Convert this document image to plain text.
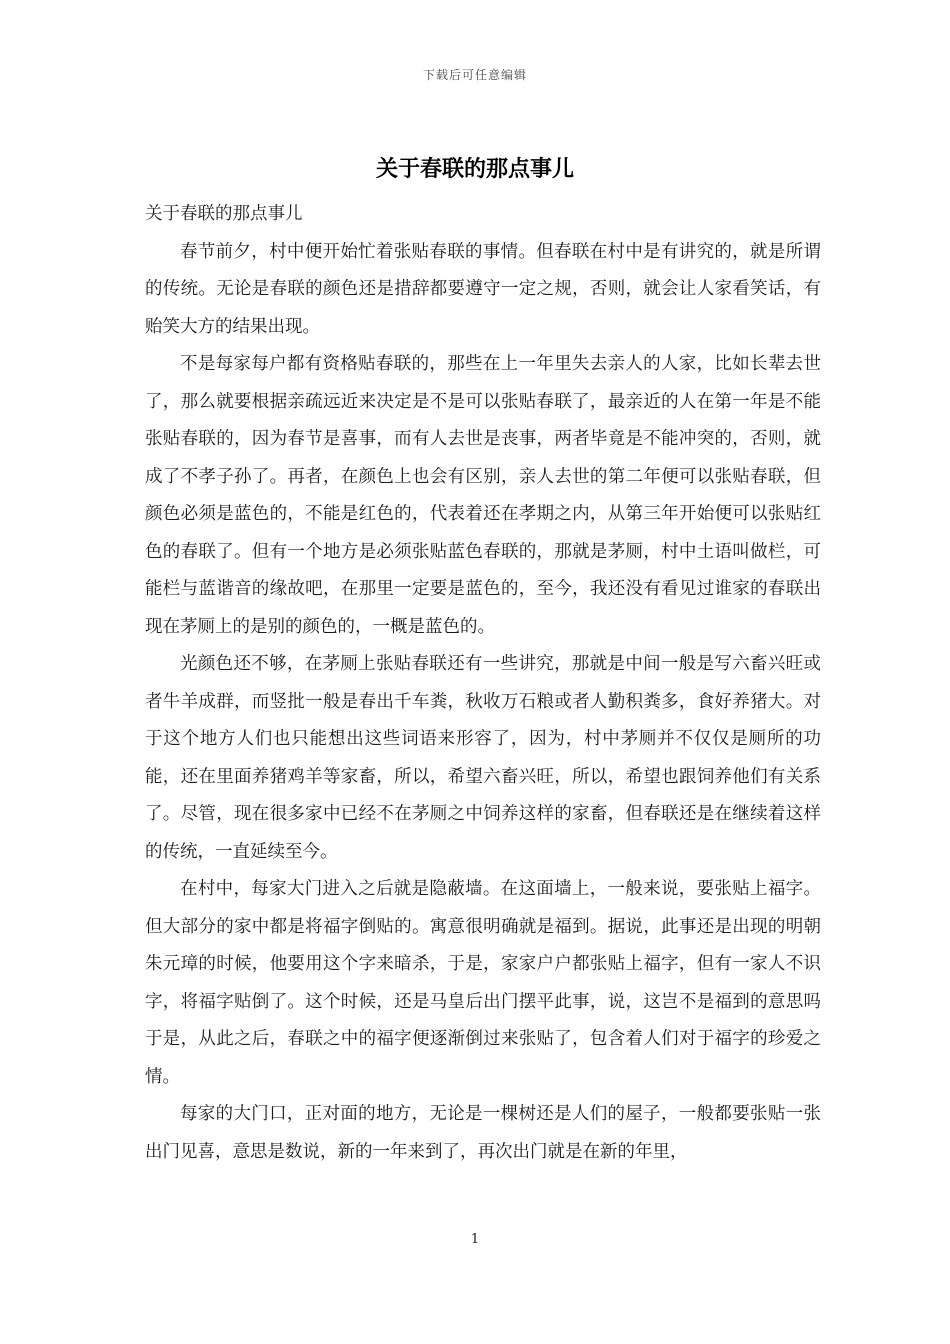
下载后可任意编辑
关于春联的那点事儿

关于春联的那点事儿

春节前夕，村中便开始忙着张贴春联的事情。但春联在村中是有讲究的，就是所谓的传统。无论是春联的颜色还是措辞都要遵守一定之规，否则，就会让人家看笑话，有贻笑大方的结果出现。

不是每家每户都有资格贴春联的，那些在上一年里失去亲人的人家，比如长辈去世了，那么就要根据亲疏远近来决定是不是可以张贴春联了，最亲近的人在第一年是不能张贴春联的，因为春节是喜事，而有人去世是丧事，两者毕竟是不能冲突的，否则，就成了不孝子孙了。再者，在颜色上也会有区别，亲人去世的第二年便可以张贴春联，但颜色必须是蓝色的，不能是红色的，代表着还在孝期之内，从第三年开始便可以张贴红色的春联了。但有一个地方是必须张贴蓝色春联的，那就是茅厕，村中土语叫做栏，可能栏与蓝谐音的缘故吧，在那里一定要是蓝色的，至今，我还没有看见过谁家的春联出现在茅厕上的是别的颜色的，一概是蓝色的。

光颜色还不够，在茅厕上张贴春联还有一些讲究，那就是中间一般是写六畜兴旺或者牛羊成群，而竖批一般是春出千车粪，秋收万石粮或者人勤积粪多，食好养猪大。对于这个地方人们也只能想出这些词语来形容了，因为，村中茅厕并不仅仅是厕所的功能，还在里面养猪鸡羊等家畜，所以，希望六畜兴旺，所以，希望也跟饲养他们有关系了。尽管，现在很多家中已经不在茅厕之中饲养这样的家畜，但春联还是在继续着这样的传统，一直延续至今。

在村中，每家大门进入之后就是隐蔽墙。在这面墙上，一般来说，要张贴上福字。但大部分的家中都是将福字倒贴的。寓意很明确就是福到。据说，此事还是出现的明朝朱元璋的时候，他要用这个字来暗杀，于是，家家户户都张贴上福字，但有一家人不识字，将福字贴倒了。这个时候，还是马皇后出门摆平此事，说，这岂不是福到的意思吗于是，从此之后，春联之中的福字便逐渐倒过来张贴了，包含着人们对于福字的珍爱之情。

每家的大门口，正对面的地方，无论是一棵树还是人们的屋子，一般都要张贴一张出门见喜，意思是数说，新的一年来到了，再次出门就是在新的年里，

1
